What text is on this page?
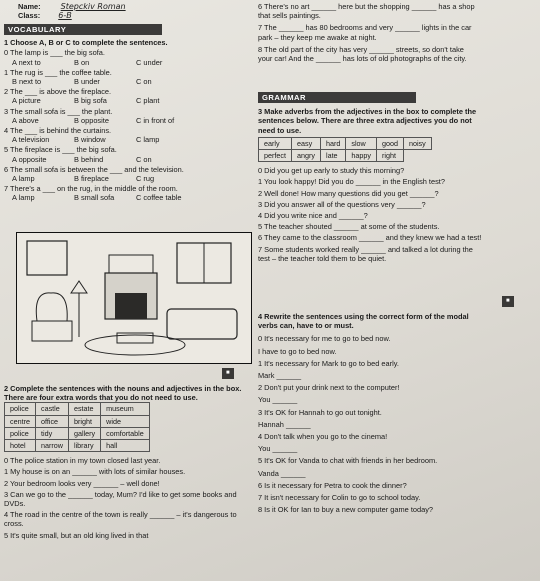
Name:	Stepckiv Roman
Class: 6-B
VOCABULARY
1 Choose A, B or C to complete the sentences.
0 The lamp is ___ the big sofa.
A next to	B on	C under
1 The rug is ___ the coffee table.
B next to	B under	C on
2 The ___ is above the fireplace.
A picture	B big sofa	C plant
3 The small sofa is ___ the plant.
A above	B opposite	C in front of
4 The ___ is behind the curtains.
A television	B window	C lamp
5 The fireplace is ___ the big sofa.
A opposite	B behind	C on
6 The small sofa is between the ___ and the television.
A lamp	B fireplace	C rug
7 There's a ___ on the rug, in the middle of the room.
A lamp	B small sofa	C coffee table
■
2 Complete the sentences with the nouns and adjectives in the box. There are four extra words that you do not need to use.
police	castle	estate	museum
centre	office	bright	wide
police	tidy	gallery	comfortable
hotel	narrow	library	hall
0 The police station in my town closed last year.
1 My house is on an ______ with lots of similar houses.
2 Your bedroom looks very ______ – well done!
3 Can we go to the ______ today, Mum? I'd like to get some books and DVDs.
4 The road in the centre of the town is really ______ – it's dangerous to cross.
5 It's quite small, but an old king lived in that
6 There's no art ______ here but the shopping ______ has a shop that sells paintings.
7 The ______ has 80 bedrooms and very ______ lights in the car park – they keep me awake at night.
8 The old part of the city has very ______ streets, so don't take your car! And the ______ has lots of old photographs of the city.
GRAMMAR
3 Make adverbs from the adjectives in the box to complete the sentences below. There are three extra adjectives you do not need to use.
early	easy	hard	slow	good	noisy
perfect	angry	late	happy	right	
0 Did you get up early to study this morning?
1 You look happy! Did you do ______ in the English test?
2 Well done! How many questions did you get ______?
3 Did you answer all of the questions very ______?
4 Did you write nice and ______?
5 The teacher shouted ______ at some of the students.
6 They came to the classroom ______ and they knew we had a test!
7 Some students worked really ______ and talked a lot during the test – the teacher told them to be quiet.
■
4 Rewrite the sentences using the correct form of the modal verbs can, have to or must.
0 It's necessary for me to go to bed now.
I have to go to bed now.
1 It's necessary for Mark to go to bed early.
Mark ______
2 Don't put your drink next to the computer!
You ______
3 It's OK for Hannah to go out tonight.
Hannah ______
4 Don't talk when you go to the cinema!
You ______
5 It's OK for Vanda to chat with friends in her bedroom.
Vanda ______
6 Is it necessary for Petra to cook the dinner?
7 It isn't necessary for Colin to go to school today.
8 Is it OK for Ian to buy a new computer game today?
